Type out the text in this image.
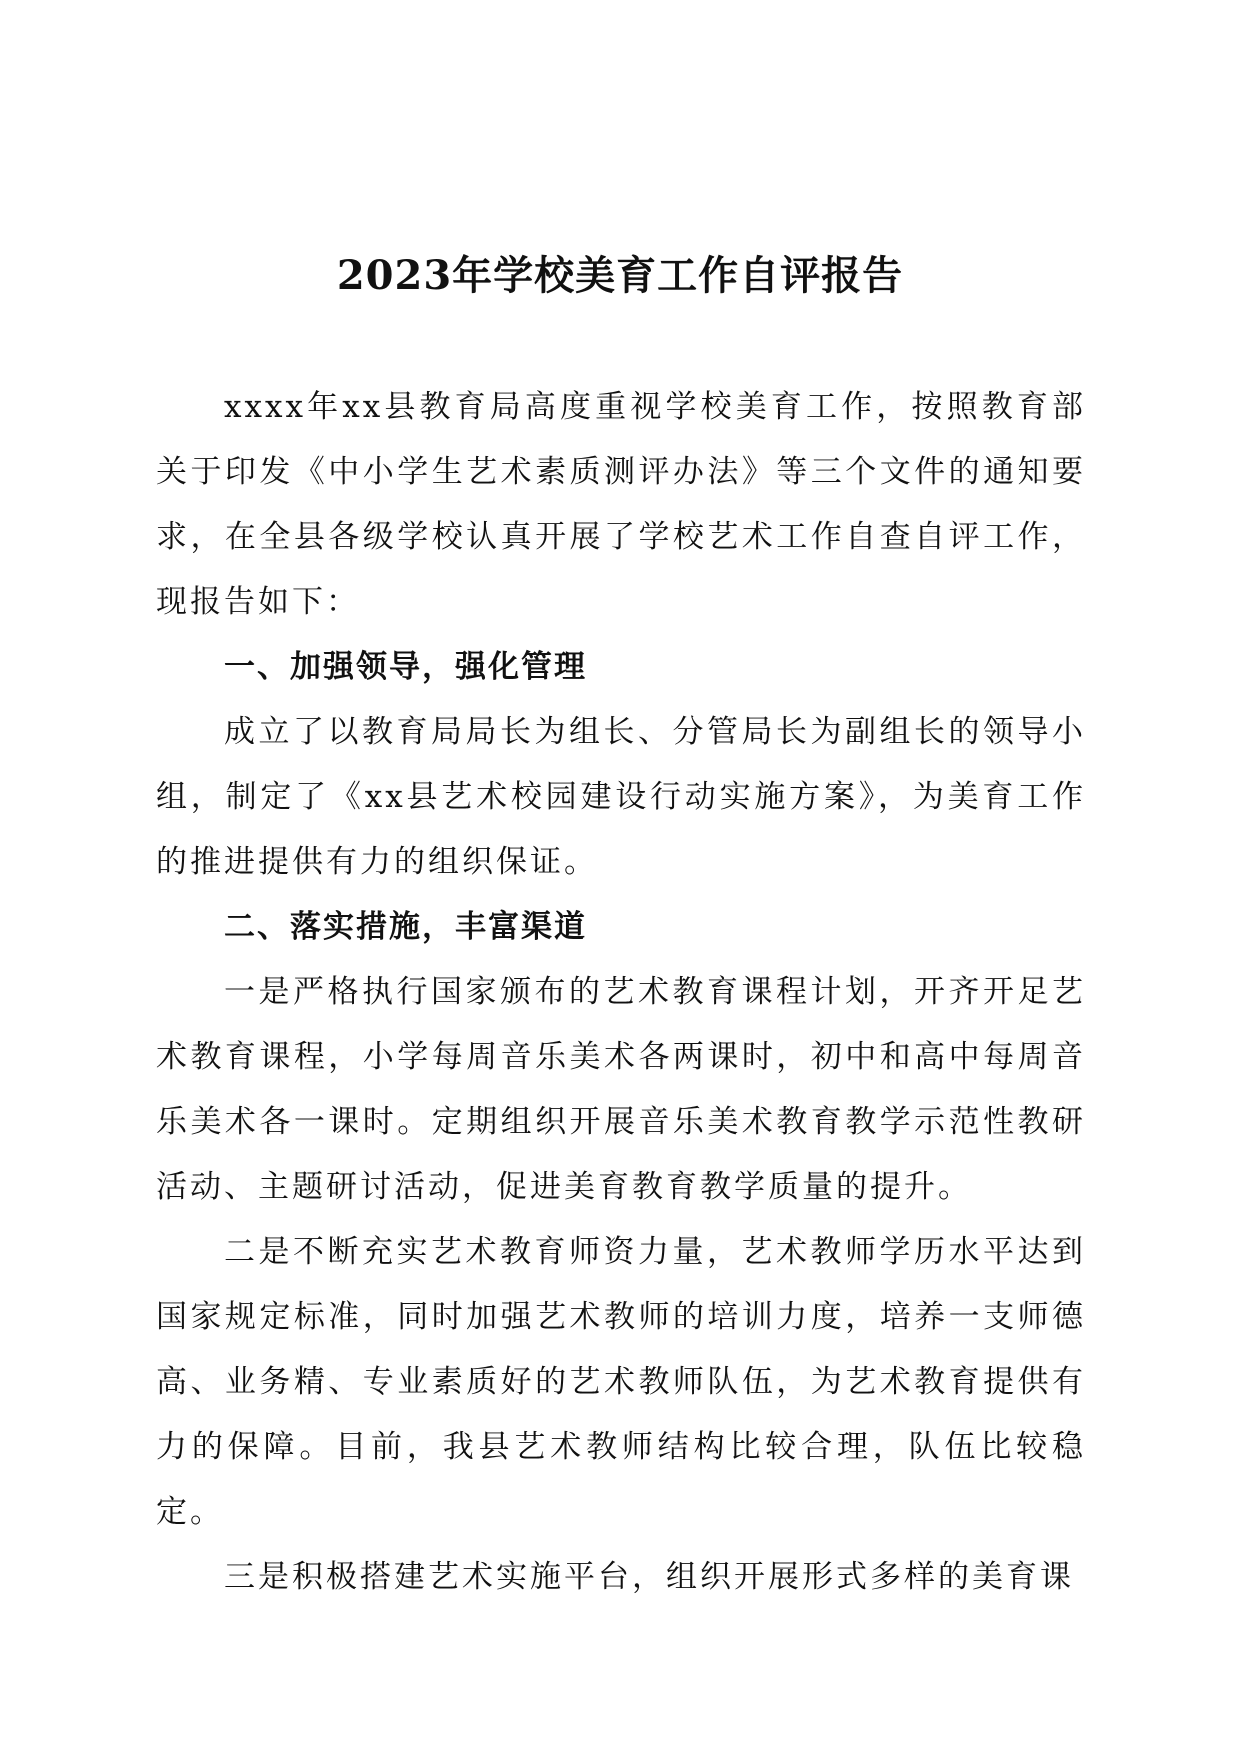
2023年学校美育工作自评报告

xxxx年xx县教育局高度重视学校美育工作，按照教育部关于印发《中小学生艺术素质测评办法》等三个文件的通知要求，在全县各级学校认真开展了学校艺术工作自查自评工作，现报告如下：

一、加强领导，强化管理

成立了以教育局局长为组长、分管局长为副组长的领导小组，制定了《xx县艺术校园建设行动实施方案》，为美育工作的推进提供有力的组织保证。

二、落实措施，丰富渠道

一是严格执行国家颁布的艺术教育课程计划，开齐开足艺术教育课程，小学每周音乐美术各两课时，初中和高中每周音乐美术各一课时。定期组织开展音乐美术教育教学示范性教研活动、主题研讨活动，促进美育教育教学质量的提升。

二是不断充实艺术教育师资力量，艺术教师学历水平达到国家规定标准，同时加强艺术教师的培训力度，培养一支师德高、业务精、专业素质好的艺术教师队伍，为艺术教育提供有力的保障。目前，我县艺术教师结构比较合理，队伍比较稳定。

三是积极搭建艺术实施平台，组织开展形式多样的美育课
